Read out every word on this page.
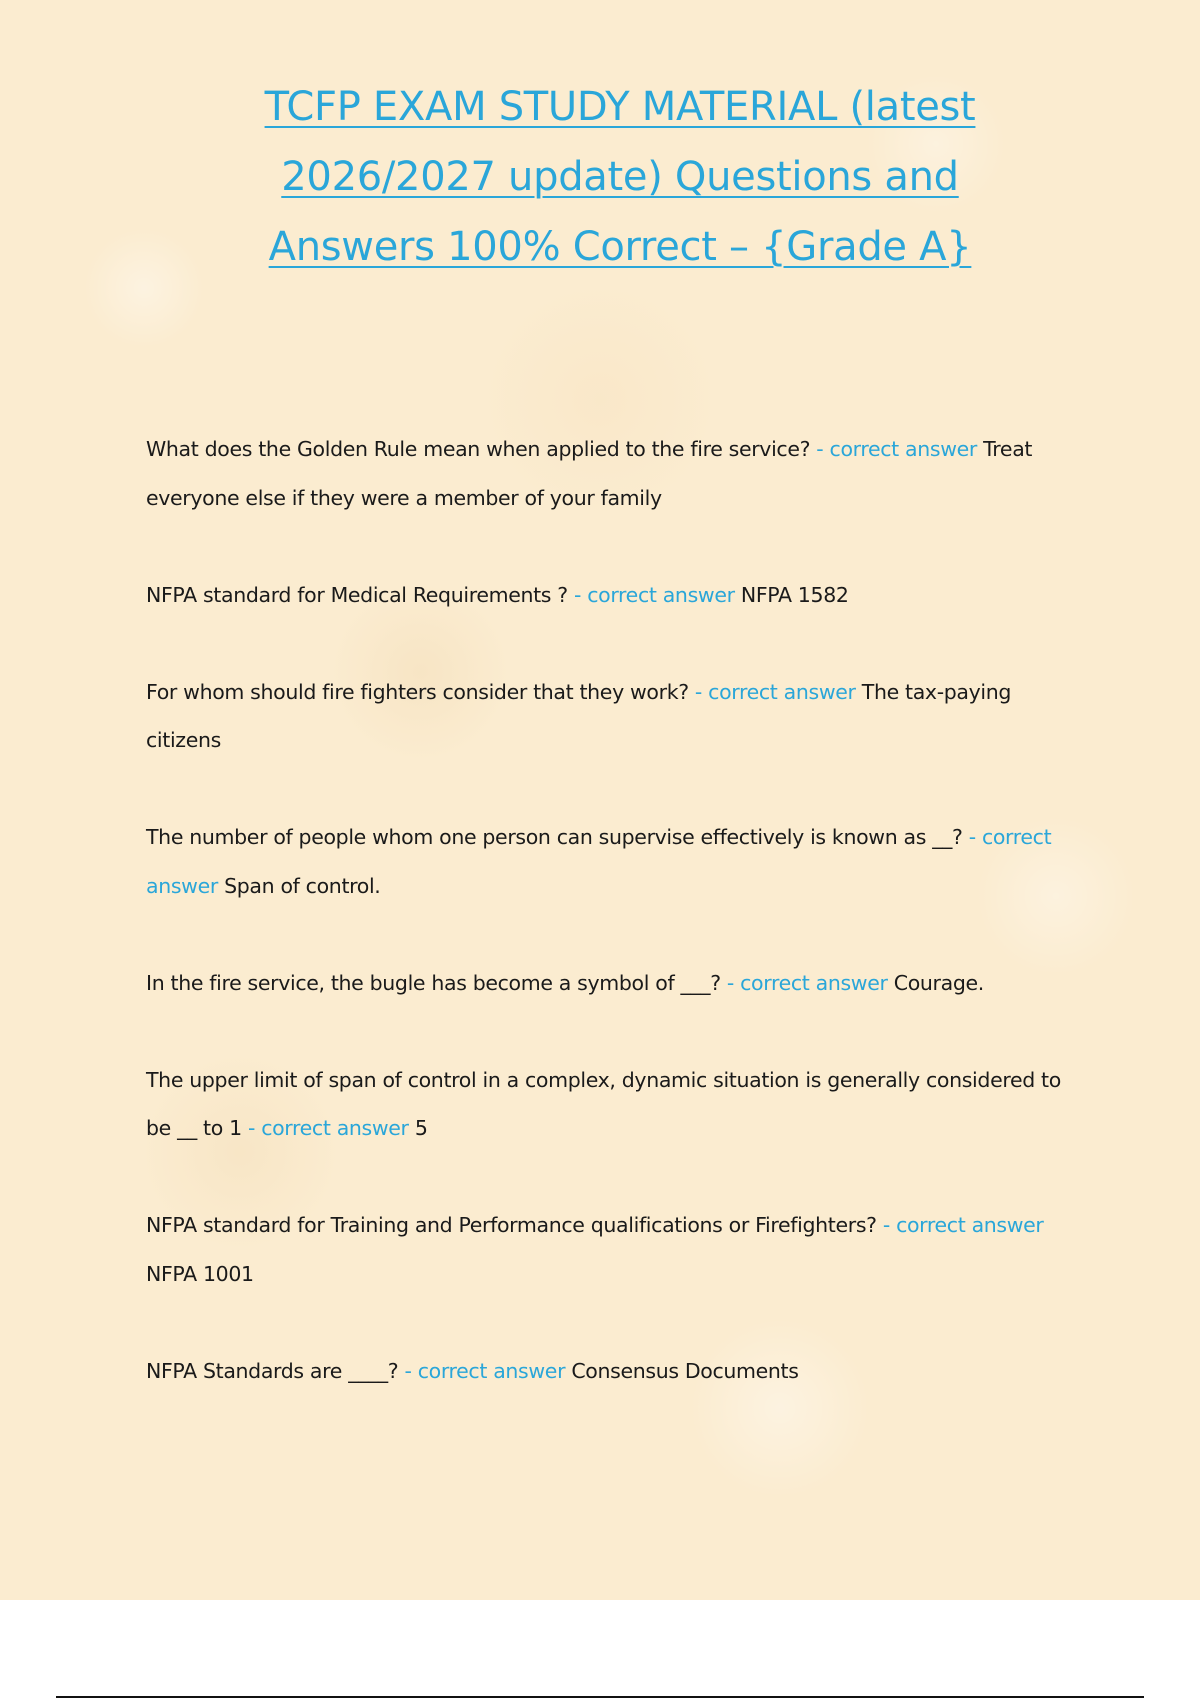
TCFP EXAM STUDY MATERIAL (latest
2026/2027 update) Questions and
Answers 100% Correct – {Grade A}

What does the Golden Rule mean when applied to the fire service? - correct answer Treat everyone else if they were a member of your family

NFPA standard for Medical Requirements ? - correct answer NFPA 1582

For whom should fire fighters consider that they work? - correct answer The tax-paying citizens

The number of people whom one person can supervise effectively is known as __? - correct answer Span of control.

In the fire service, the bugle has become a symbol of ___? - correct answer Courage.

The upper limit of span of control in a complex, dynamic situation is generally considered to be __ to 1 - correct answer 5

NFPA standard for Training and Performance qualifications or Firefighters? - correct answer NFPA 1001

NFPA Standards are ____? - correct answer Consensus Documents
